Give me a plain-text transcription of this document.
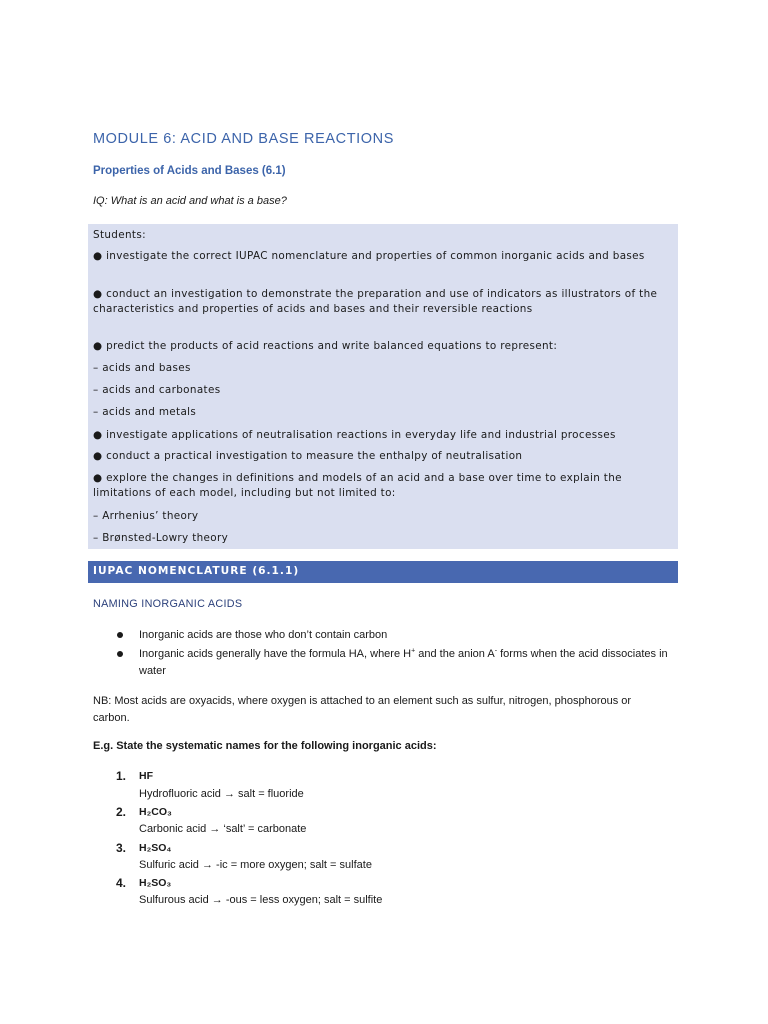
MODULE 6: ACID AND BASE REACTIONS
Properties of Acids and Bases (6.1)
IQ: What is an acid and what is a base?
Students:
● investigate the correct IUPAC nomenclature and properties of common inorganic acids and bases
● conduct an investigation to demonstrate the preparation and use of indicators as illustrators of the characteristics and properties of acids and bases and their reversible reactions
● predict the products of acid reactions and write balanced equations to represent:
– acids and bases
– acids and carbonates
– acids and metals
● investigate applications of neutralisation reactions in everyday life and industrial processes
● conduct a practical investigation to measure the enthalpy of neutralisation
● explore the changes in definitions and models of an acid and a base over time to explain the limitations of each model, including but not limited to:
– Arrhenius’ theory
– Brønsted-Lowry theory
IUPAC NOMENCLATURE (6.1.1)
NAMING INORGANIC ACIDS
Inorganic acids are those who don’t contain carbon
Inorganic acids generally have the formula HA, where H+ and the anion A- forms when the acid dissociates in water
NB: Most acids are oxyacids, where oxygen is attached to an element such as sulfur, nitrogen, phosphorous or carbon.
E.g. State the systematic names for the following inorganic acids:
1. HF
Hydrofluoric acid → salt = fluoride
2. H₂CO₃
Carbonic acid → ‘salt’ = carbonate
3. H₂SO₄
Sulfuric acid → -ic = more oxygen; salt = sulfate
4. H₂SO₃
Sulfurous acid → -ous = less oxygen; salt = sulfite
